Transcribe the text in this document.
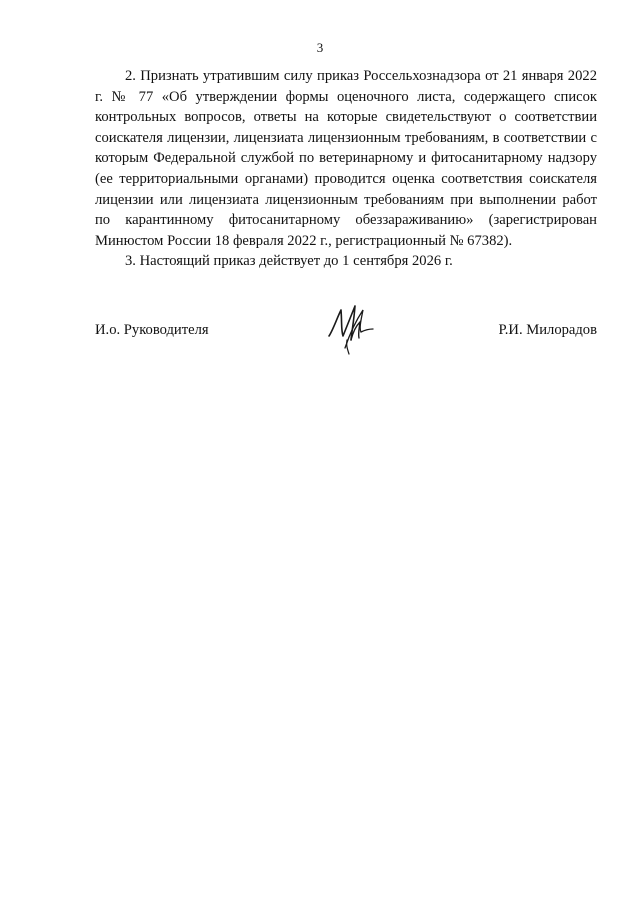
3

2. Признать утратившим силу приказ Россельхознадзора от 21 января 2022 г. № 77 «Об утверждении формы оценочного листа, содержащего список контрольных вопросов, ответы на которые свидетельствуют о соответствии соискателя лицензии, лицензиата лицензионным требованиям, в соответствии с которым Федеральной службой по ветеринарному и фитосанитарному надзору (ее территориальными органами) проводится оценка соответствия соискателя лицензии или лицензиата лицензионным требованиям при выполнении работ по карантинному фитосанитарному обеззараживанию» (зарегистрирован Минюстом России 18 февраля 2022 г., регистрационный № 67382).

3. Настоящий приказ действует до 1 сентября 2026 г.

И.о. Руководителя	Р.И. Милорадов
